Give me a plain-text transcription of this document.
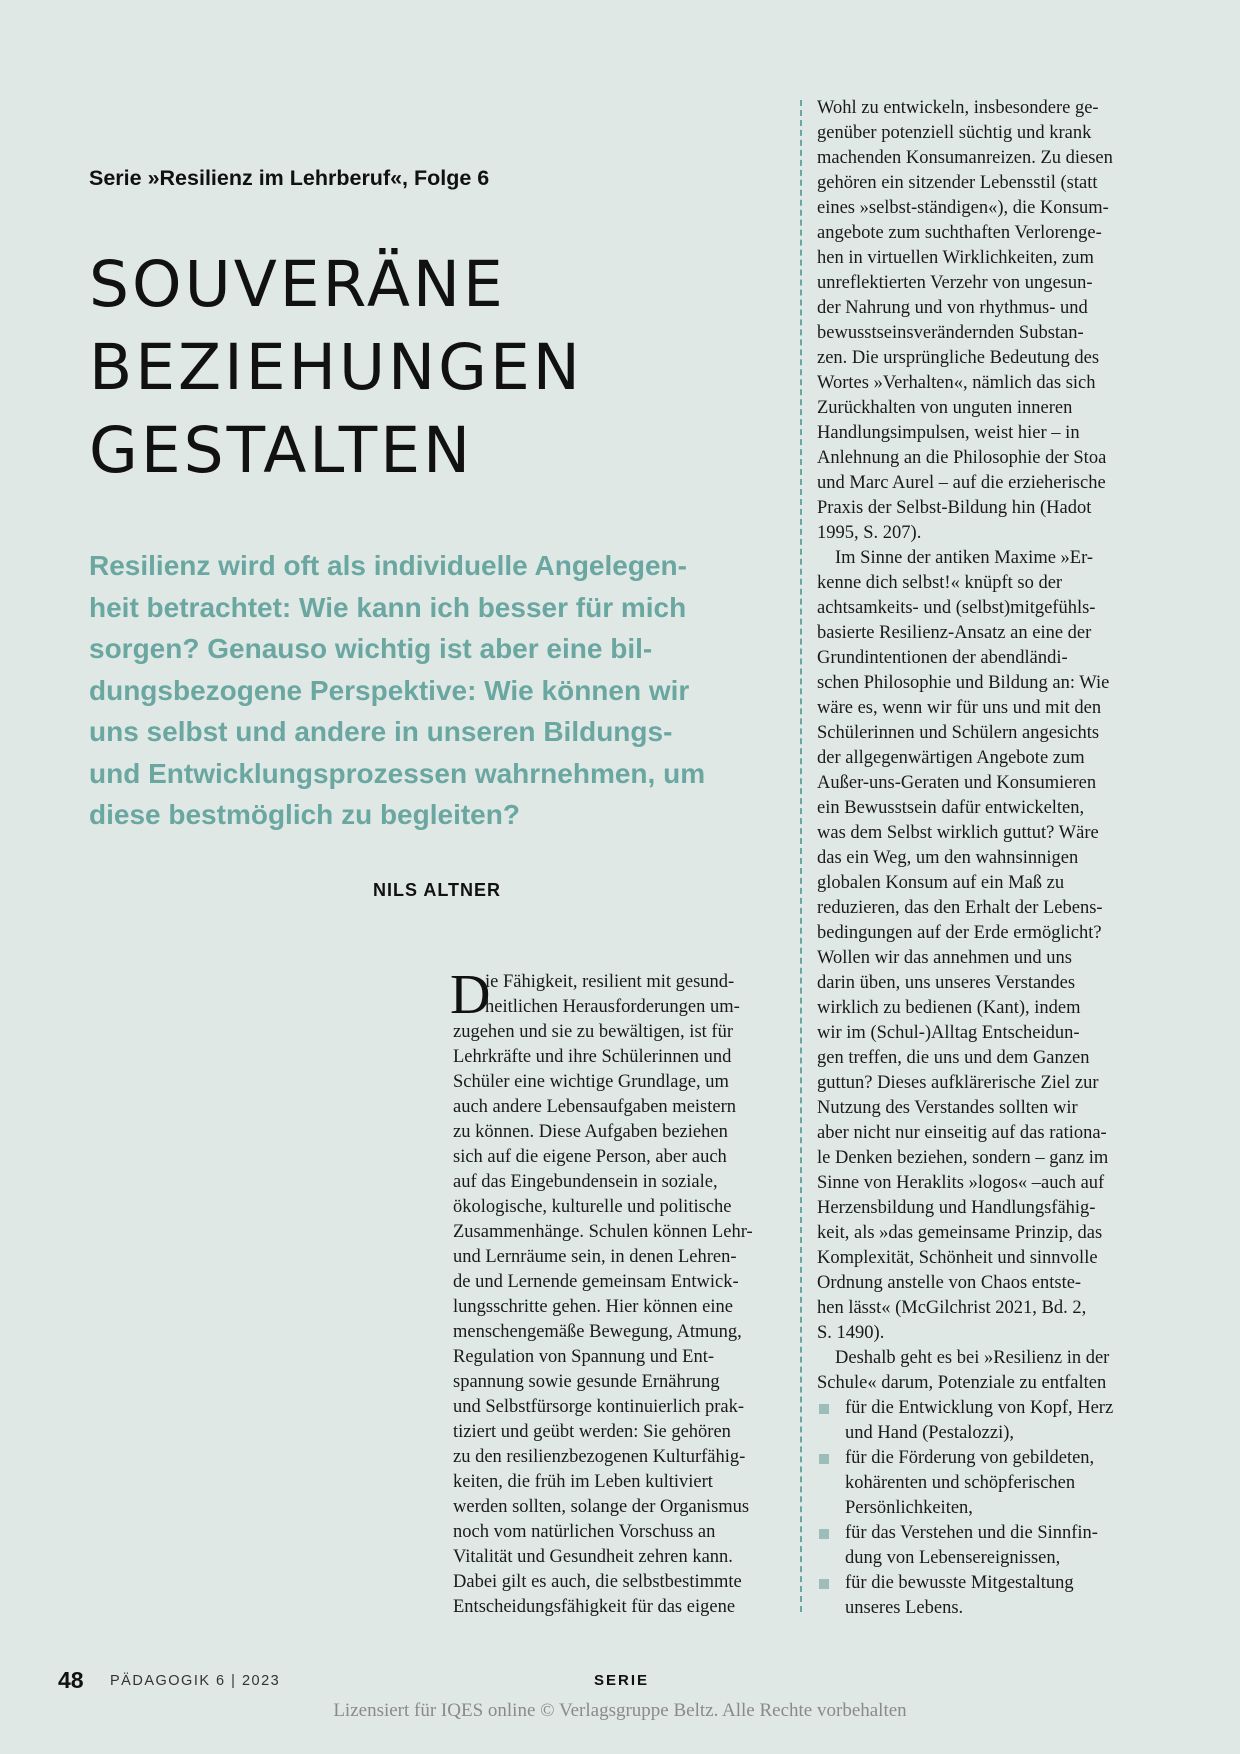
Serie »Resilienz im Lehrberuf«, Folge 6
SOUVERÄNE
BEZIEHUNGEN
GESTALTEN
Resilienz wird oft als individuelle Angelegen-
heit betrachtet: Wie kann ich besser für mich
sorgen? Genauso wichtig ist aber eine bil-
dungsbezogene Perspektive: Wie können wir
uns selbst und andere in unseren Bildungs-
und Entwicklungsprozessen wahrnehmen, um
diese bestmöglich zu begleiten?
NILS ALTNER
D
ie Fähigkeit, resilient mit gesund-
heitlichen Herausforderungen um-
zugehen und sie zu bewältigen, ist für
Lehrkräfte und ihre Schülerinnen und
Schüler eine wichtige Grundlage, um
auch andere Lebensaufgaben meistern
zu können. Diese Aufgaben beziehen
sich auf die eigene Person, aber auch
auf das Eingebundensein in soziale,
ökologische, kulturelle und politische
Zusammenhänge. Schulen können Lehr-
und Lernräume sein, in denen Lehren-
de und Lernende gemeinsam Entwick-
lungsschritte gehen. Hier können eine
menschengemäße Bewegung, Atmung,
Regulation von Spannung und Ent-
spannung sowie gesunde Ernährung
und Selbstfürsorge kontinuierlich prak-
tiziert und geübt werden: Sie gehören
zu den resilienzbezogenen Kulturfähig-
keiten, die früh im Leben kultiviert
werden sollten, solange der Organismus
noch vom natürlichen Vorschuss an
Vitalität und Gesundheit zehren kann.
Dabei gilt es auch, die selbstbestimmte
Entscheidungsfähigkeit für das eigene
Wohl zu entwickeln, insbesondere ge-
genüber potenziell süchtig und krank
machenden Konsumanreizen. Zu diesen
gehören ein sitzender Lebensstil (statt
eines »selbst-ständigen«), die Konsum-
angebote zum suchthaften Verlorenge-
hen in virtuellen Wirklichkeiten, zum
unreflektierten Verzehr von ungesun-
der Nahrung und von rhythmus- und
bewusstseinsverändernden Substan-
zen. Die ursprüngliche Bedeutung des
Wortes »Verhalten«, nämlich das sich
Zurückhalten von unguten inneren
Handlungsimpulsen, weist hier – in
Anlehnung an die Philosophie der Stoa
und Marc Aurel – auf die erzieherische
Praxis der Selbst-Bildung hin (Hadot
1995, S. 207).
Im Sinne der antiken Maxime »Er-
kenne dich selbst!« knüpft so der
achtsamkeits- und (selbst)mitgefühls-
basierte Resilienz-Ansatz an eine der
Grundintentionen der abendländi-
schen Philosophie und Bildung an: Wie
wäre es, wenn wir für uns und mit den
Schülerinnen und Schülern angesichts
der allgegenwärtigen Angebote zum
Außer-uns-Geraten und Konsumieren
ein Bewusstsein dafür entwickelten,
was dem Selbst wirklich guttut? Wäre
das ein Weg, um den wahnsinnigen
globalen Konsum auf ein Maß zu
reduzieren, das den Erhalt der Lebens-
bedingungen auf der Erde ermöglicht?
Wollen wir das annehmen und uns
darin üben, uns unseres Verstandes
wirklich zu bedienen (Kant), indem
wir im (Schul-)Alltag Entscheidun-
gen treffen, die uns und dem Ganzen
guttun? Dieses aufklärerische Ziel zur
Nutzung des Verstandes sollten wir
aber nicht nur einseitig auf das rationa-
le Denken beziehen, sondern – ganz im
Sinne von Heraklits »logos« –auch auf
Herzensbildung und Handlungsfähig-
keit, als »das gemeinsame Prinzip, das
Komplexität, Schönheit und sinnvolle
Ordnung anstelle von Chaos entste-
hen lässt« (McGilchrist 2021, Bd. 2,
S. 1490).
Deshalb geht es bei »Resilienz in der
Schule« darum, Potenziale zu entfalten
für die Entwicklung von Kopf, Herz
und Hand (Pestalozzi),
für die Förderung von gebildeten,
kohärenten und schöpferischen
Persönlichkeiten,
für das Verstehen und die Sinnfin-
dung von Lebensereignissen,
für die bewusste Mitgestaltung
unseres Lebens.
48 PÄDAGOGIK 6 | 2023	SERIE
Lizensiert für IQES online © Verlagsgruppe Beltz. Alle Rechte vorbehalten
